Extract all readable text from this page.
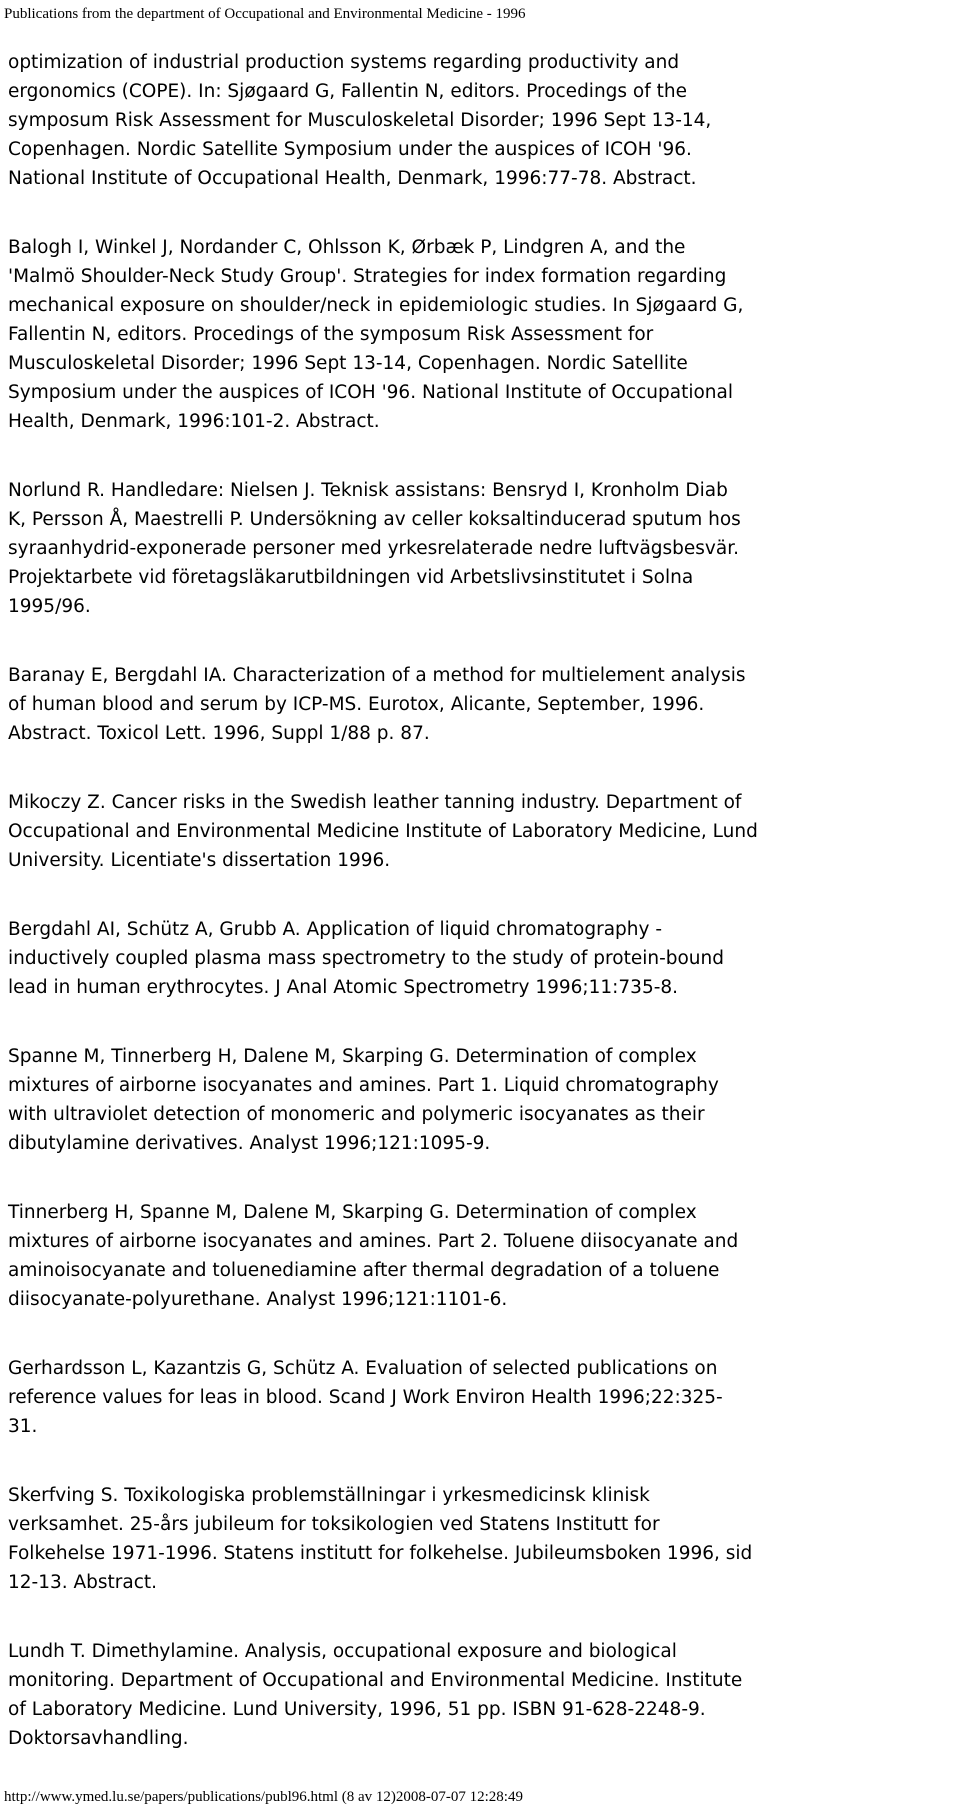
Publications from the department of Occupational and Environmental Medicine - 1996
optimization of industrial production systems regarding productivity and
ergonomics (COPE). In: Sjøgaard G, Fallentin N, editors. Procedings of the
symposum Risk Assessment for Musculoskeletal Disorder; 1996 Sept 13-14,
Copenhagen. Nordic Satellite Symposium under the auspices of ICOH '96.
National Institute of Occupational Health, Denmark, 1996:77-78. Abstract.
Balogh I, Winkel J, Nordander C, Ohlsson K, Ørbæk P, Lindgren A, and the
'Malmö Shoulder-Neck Study Group'. Strategies for index formation regarding
mechanical exposure on shoulder/neck in epidemiologic studies. In Sjøgaard G,
Fallentin N, editors. Procedings of the symposum Risk Assessment for
Musculoskeletal Disorder; 1996 Sept 13-14, Copenhagen. Nordic Satellite
Symposium under the auspices of ICOH '96. National Institute of Occupational
Health, Denmark, 1996:101-2. Abstract.
Norlund R. Handledare: Nielsen J. Teknisk assistans: Bensryd I, Kronholm Diab
K, Persson Å, Maestrelli P. Undersökning av celler koksaltinducerad sputum hos
syraanhydrid-exponerade personer med yrkesrelaterade nedre luftvägsbesvär.
Projektarbete vid företagsläkarutbildningen vid Arbetslivsinstitutet i Solna
1995/96.
Baranay E, Bergdahl IA. Characterization of a method for multielement analysis
of human blood and serum by ICP-MS. Eurotox, Alicante, September, 1996.
Abstract. Toxicol Lett. 1996, Suppl 1/88 p. 87.
Mikoczy Z. Cancer risks in the Swedish leather tanning industry. Department of
Occupational and Environmental Medicine Institute of Laboratory Medicine, Lund
University. Licentiate's dissertation 1996.
Bergdahl AI, Schütz A, Grubb A. Application of liquid chromatography -
inductively coupled plasma mass spectrometry to the study of protein-bound
lead in human erythrocytes. J Anal Atomic Spectrometry 1996;11:735-8.
Spanne M, Tinnerberg H, Dalene M, Skarping G. Determination of complex
mixtures of airborne isocyanates and amines. Part 1. Liquid chromatography
with ultraviolet detection of monomeric and polymeric isocyanates as their
dibutylamine derivatives. Analyst 1996;121:1095-9.
Tinnerberg H, Spanne M, Dalene M, Skarping G. Determination of complex
mixtures of airborne isocyanates and amines. Part 2. Toluene diisocyanate and
aminoisocyanate and toluenediamine after thermal degradation of a toluene
diisocyanate-polyurethane. Analyst 1996;121:1101-6.
Gerhardsson L, Kazantzis G, Schütz A. Evaluation of selected publications on
reference values for leas in blood. Scand J Work Environ Health 1996;22:325-
31.
Skerfving S. Toxikologiska problemställningar i yrkesmedicinsk klinisk
verksamhet. 25-års jubileum for toksikologien ved Statens Institutt for
Folkehelse 1971-1996. Statens institutt for folkehelse. Jubileumsboken 1996, sid
12-13. Abstract.
Lundh T. Dimethylamine. Analysis, occupational exposure and biological
monitoring. Department of Occupational and Environmental Medicine. Institute
of Laboratory Medicine. Lund University, 1996, 51 pp. ISBN 91-628-2248-9.
Doktorsavhandling.
http://www.ymed.lu.se/papers/publications/publ96.html (8 av 12)2008-07-07 12:28:49
